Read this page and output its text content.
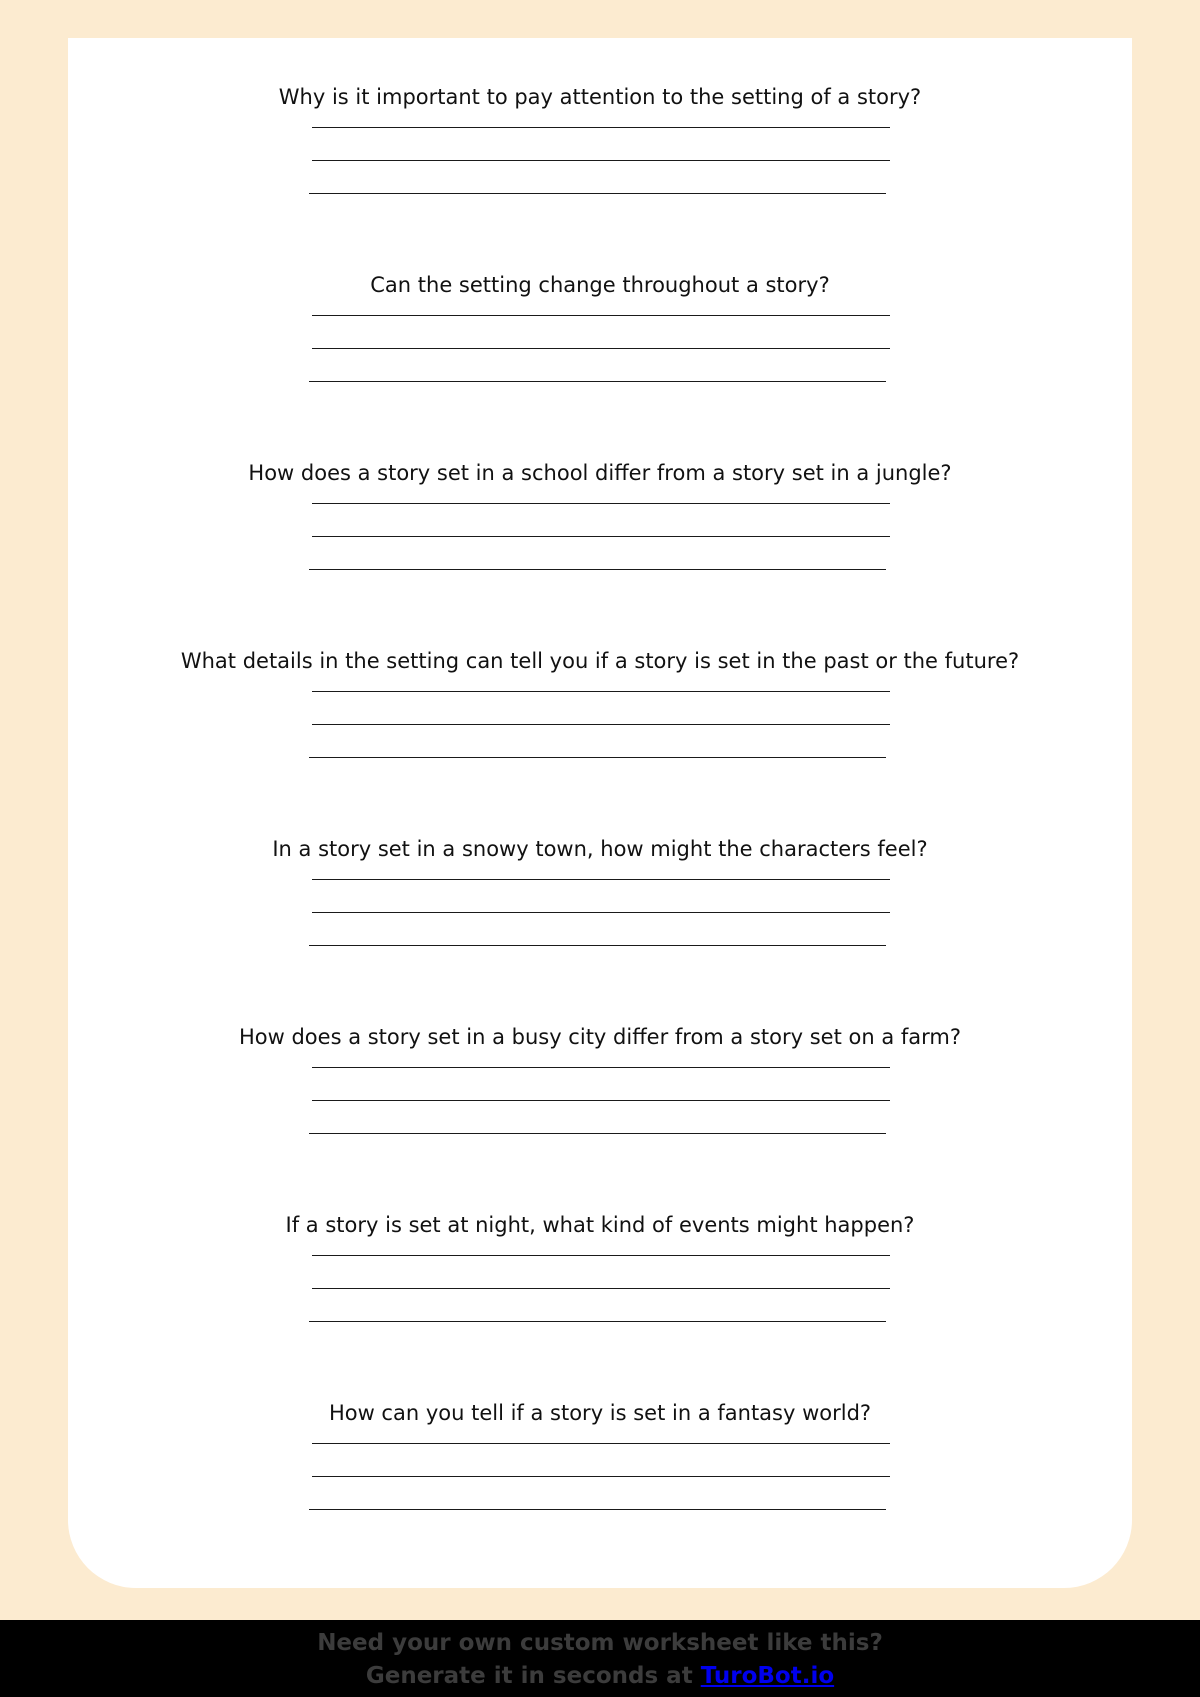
Why is it important to pay attention to the setting of a story?
Can the setting change throughout a story?
How does a story set in a school differ from a story set in a jungle?
What details in the setting can tell you if a story is set in the past or the future?
In a story set in a snowy town, how might the characters feel?
How does a story set in a busy city differ from a story set on a farm?
If a story is set at night, what kind of events might happen?
How can you tell if a story is set in a fantasy world?
Need your own custom worksheet like this?
Generate it in seconds at TuroBot.io
